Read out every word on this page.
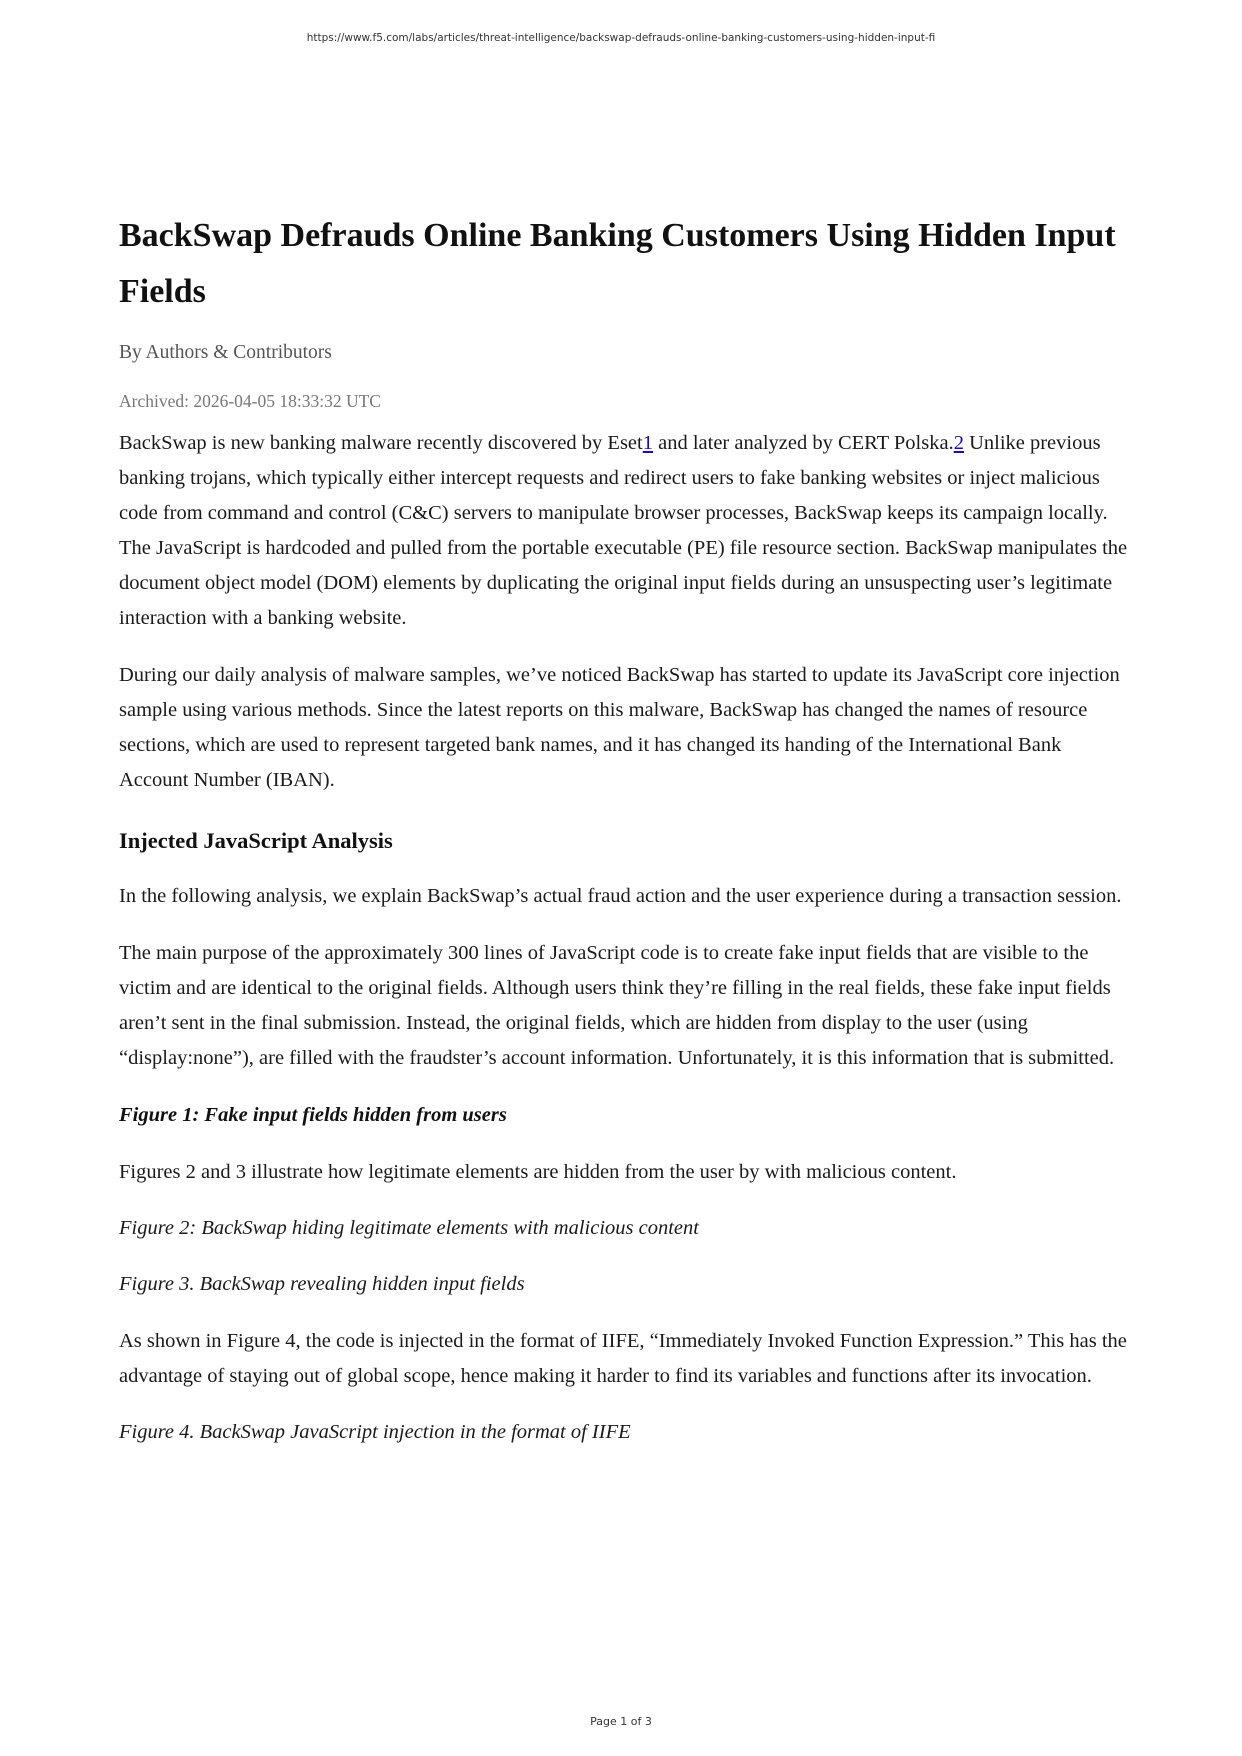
https://www.f5.com/labs/articles/threat-intelligence/backswap-defrauds-online-banking-customers-using-hidden-input-fi
BackSwap Defrauds Online Banking Customers Using Hidden Input Fields
By Authors & Contributors
Archived: 2026-04-05 18:33:32 UTC

BackSwap is new banking malware recently discovered by Eset1 and later analyzed by CERT Polska.2 Unlike previous banking trojans, which typically either intercept requests and redirect users to fake banking websites or inject malicious code from command and control (C&C) servers to manipulate browser processes, BackSwap keeps its campaign locally. The JavaScript is hardcoded and pulled from the portable executable (PE) file resource section. BackSwap manipulates the document object model (DOM) elements by duplicating the original input fields during an unsuspecting user’s legitimate interaction with a banking website.

During our daily analysis of malware samples, we’ve noticed BackSwap has started to update its JavaScript core injection sample using various methods. Since the latest reports on this malware, BackSwap has changed the names of resource sections, which are used to represent targeted bank names, and it has changed its handing of the International Bank Account Number (IBAN).

Injected JavaScript Analysis

In the following analysis, we explain BackSwap’s actual fraud action and the user experience during a transaction session.

The main purpose of the approximately 300 lines of JavaScript code is to create fake input fields that are visible to the victim and are identical to the original fields. Although users think they’re filling in the real fields, these fake input fields aren’t sent in the final submission. Instead, the original fields, which are hidden from display to the user (using “display:none”), are filled with the fraudster’s account information. Unfortunately, it is this information that is submitted.

Figure 1: Fake input fields hidden from users

Figures 2 and 3 illustrate how legitimate elements are hidden from the user by with malicious content.

Figure 2: BackSwap hiding legitimate elements with malicious content
Figure 3. BackSwap revealing hidden input fields

As shown in Figure 4, the code is injected in the format of IIFE, “Immediately Invoked Function Expression.” This has the advantage of staying out of global scope, hence making it harder to find its variables and functions after its invocation.

Figure 4. BackSwap JavaScript injection in the format of IIFE
Page 1 of 3
